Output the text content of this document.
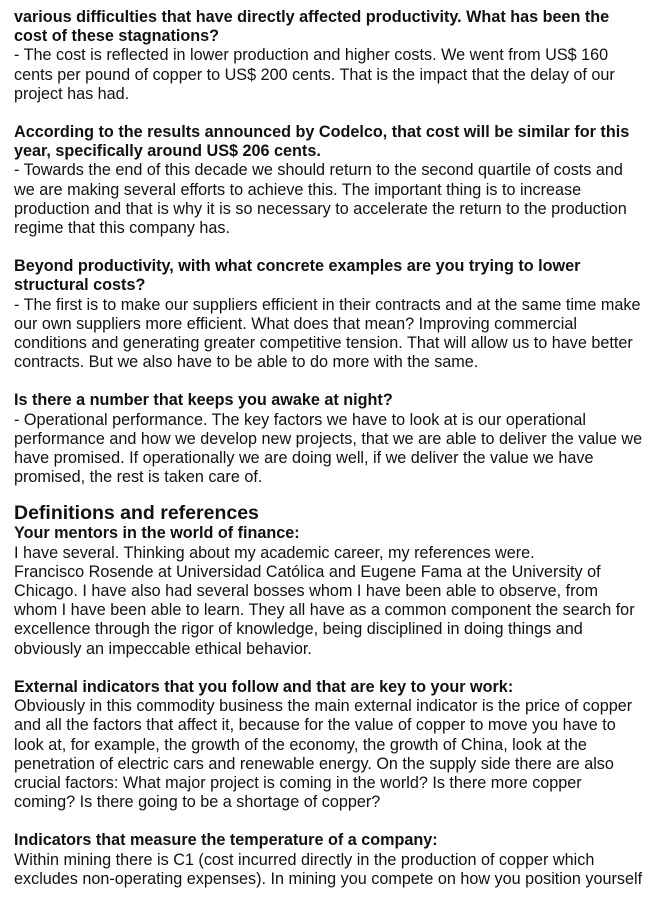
various difficulties that have directly affected productivity. What has been the
cost of these stagnations?

- The cost is reflected in lower production and higher costs. We went from US$ 160
cents per pound of copper to US$ 200 cents. That is the impact that the delay of our
project has had.

According to the results announced by Codelco, that cost will be similar for this
year, specifically around US$ 206 cents.

- Towards the end of this decade we should return to the second quartile of costs and
we are making several efforts to achieve this. The important thing is to increase
production and that is why it is so necessary to accelerate the return to the production
regime that this company has.

Beyond productivity, with what concrete examples are you trying to lower
structural costs?

- The first is to make our suppliers efficient in their contracts and at the same time make
our own suppliers more efficient. What does that mean? Improving commercial
conditions and generating greater competitive tension. That will allow us to have better
contracts. But we also have to be able to do more with the same.

Is there a number that keeps you awake at night?

- Operational performance. The key factors we have to look at is our operational
performance and how we develop new projects, that we are able to deliver the value we
have promised. If operationally we are doing well, if we deliver the value we have
promised, the rest is taken care of.

Definitions and references

Your mentors in the world of finance:

I have several. Thinking about my academic career, my references were.
Francisco Rosende at Universidad Católica and Eugene Fama at the University of
Chicago. I have also had several bosses whom I have been able to observe, from
whom I have been able to learn. They all have as a common component the search for
excellence through the rigor of knowledge, being disciplined in doing things and
obviously an impeccable ethical behavior.

External indicators that you follow and that are key to your work:

Obviously in this commodity business the main external indicator is the price of copper
and all the factors that affect it, because for the value of copper to move you have to
look at, for example, the growth of the economy, the growth of China, look at the
penetration of electric cars and renewable energy. On the supply side there are also
crucial factors: What major project is coming in the world? Is there more copper
coming? Is there going to be a shortage of copper?

Indicators that measure the temperature of a company:

Within mining there is C1 (cost incurred directly in the production of copper which
excludes non-operating expenses). In mining you compete on how you position yourself
